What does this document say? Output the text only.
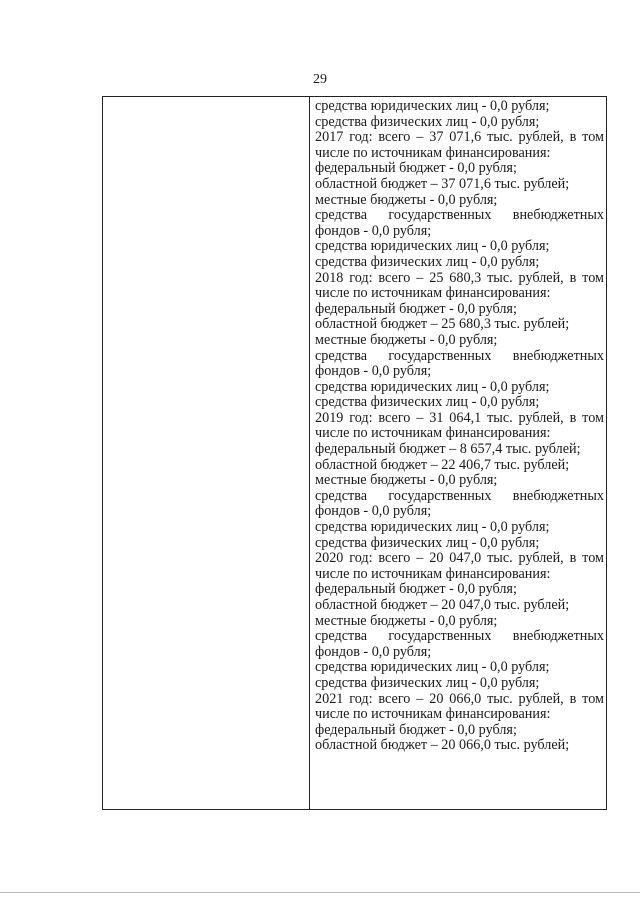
29
средства юридических лиц - 0,0 рубля;
средства физических лиц - 0,0 рубля;
2017 год: всего – 37 071,6 тыс. рублей, в том
числе по источникам финансирования:
федеральный бюджет - 0,0 рубля;
областной бюджет – 37 071,6 тыс. рублей;
местные бюджеты - 0,0 рубля;
средства государственных внебюджетных
фондов - 0,0 рубля;
средства юридических лиц - 0,0 рубля;
средства физических лиц - 0,0 рубля;
2018 год: всего – 25 680,3 тыс. рублей, в том
числе по источникам финансирования:
федеральный бюджет - 0,0 рубля;
областной бюджет – 25 680,3 тыс. рублей;
местные бюджеты - 0,0 рубля;
средства государственных внебюджетных
фондов - 0,0 рубля;
средства юридических лиц - 0,0 рубля;
средства физических лиц - 0,0 рубля;
2019 год: всего – 31 064,1 тыс. рублей, в том
числе по источникам финансирования:
федеральный бюджет – 8 657,4 тыс. рублей;
областной бюджет – 22 406,7 тыс. рублей;
местные бюджеты - 0,0 рубля;
средства государственных внебюджетных
фондов - 0,0 рубля;
средства юридических лиц - 0,0 рубля;
средства физических лиц - 0,0 рубля;
2020 год: всего – 20 047,0 тыс. рублей, в том
числе по источникам финансирования:
федеральный бюджет - 0,0 рубля;
областной бюджет – 20 047,0 тыс. рублей;
местные бюджеты - 0,0 рубля;
средства государственных внебюджетных
фондов - 0,0 рубля;
средства юридических лиц - 0,0 рубля;
средства физических лиц - 0,0 рубля;
2021 год: всего – 20 066,0 тыс. рублей, в том
числе по источникам финансирования:
федеральный бюджет - 0,0 рубля;
областной бюджет – 20 066,0 тыс. рублей;
